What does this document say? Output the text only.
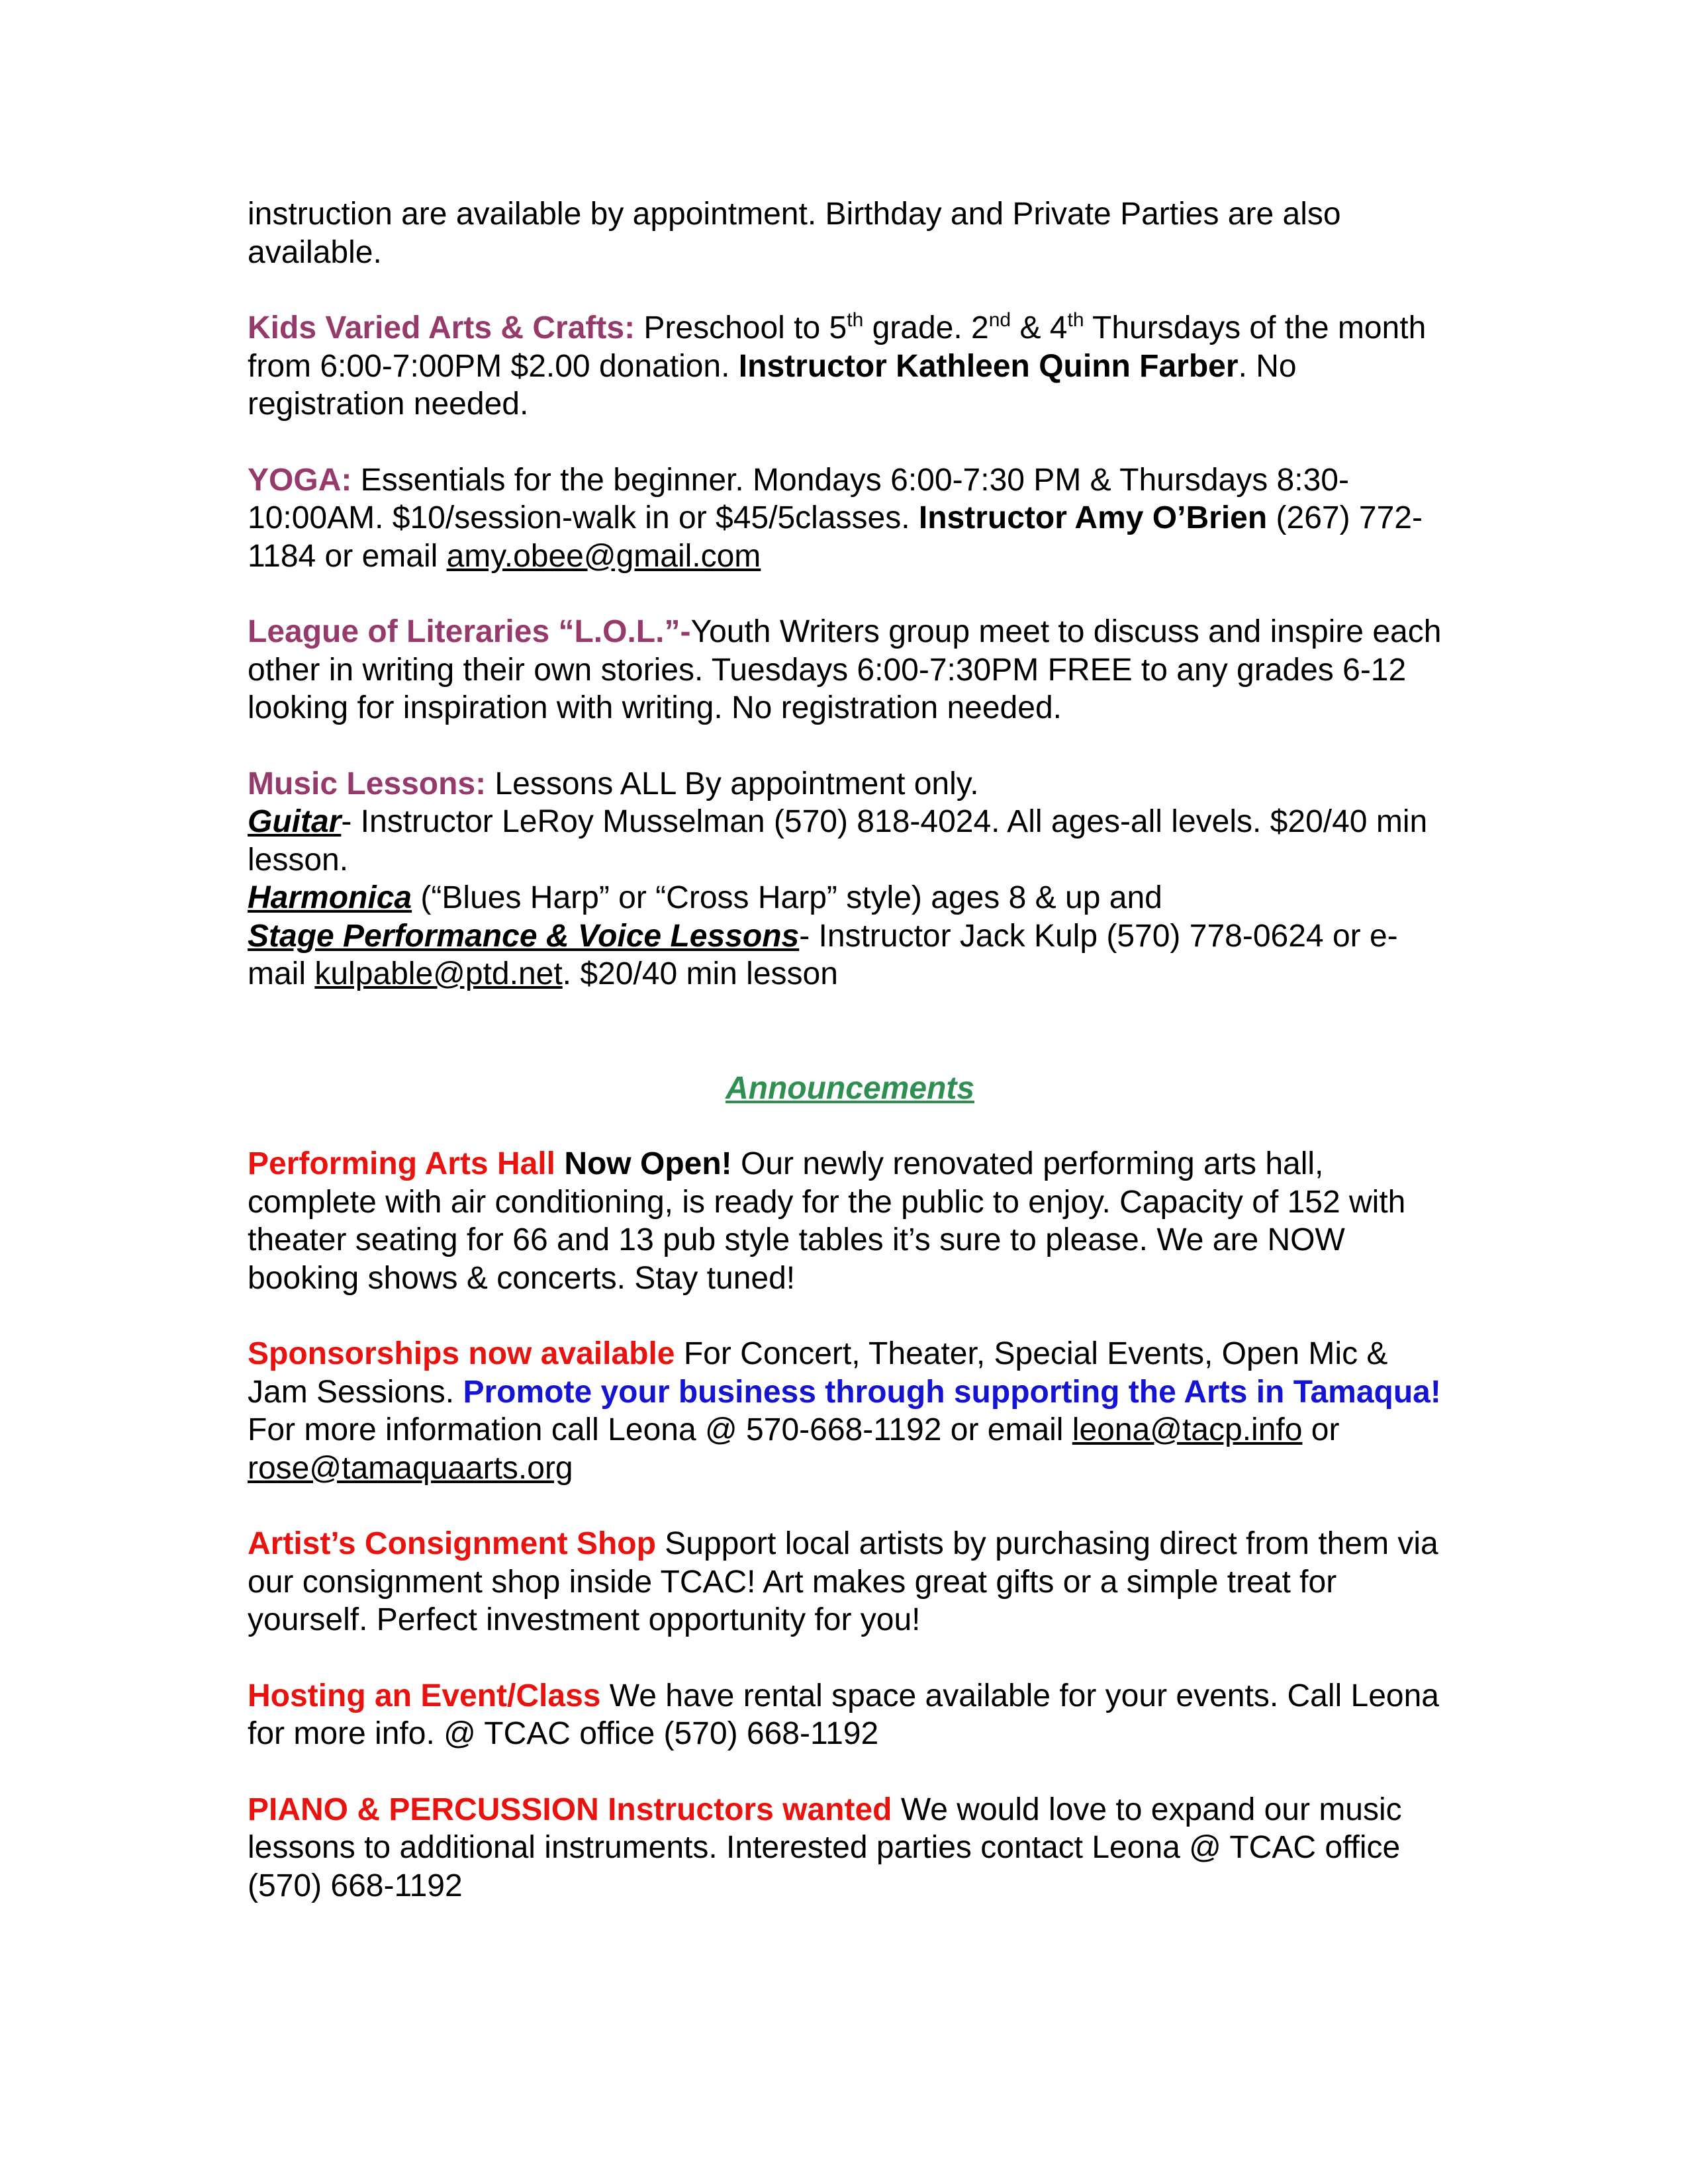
instruction are available by appointment. Birthday and Private Parties are also available.

Kids Varied Arts & Crafts: Preschool to 5th grade. 2nd & 4th Thursdays of the month from 6:00-7:00PM $2.00 donation. Instructor Kathleen Quinn Farber. No registration needed.

YOGA: Essentials for the beginner. Mondays 6:00-7:30 PM & Thursdays 8:30-10:00AM. $10/session-walk in or $45/5classes. Instructor Amy O’Brien (267) 772-1184 or email amy.obee@gmail.com

League of Literaries “L.O.L.”-Youth Writers group meet to discuss and inspire each other in writing their own stories. Tuesdays 6:00-7:30PM FREE to any grades 6-12 looking for inspiration with writing. No registration needed.

Music Lessons: Lessons ALL By appointment only.

Guitar- Instructor LeRoy Musselman (570) 818-4024. All ages-all levels. $20/40 min lesson.

Harmonica (“Blues Harp” or “Cross Harp” style) ages 8 & up and

Stage Performance & Voice Lessons- Instructor Jack Kulp (570) 778-0624 or e-mail kulpable@ptd.net. $20/40 min lesson

Announcements

Performing Arts Hall Now Open! Our newly renovated performing arts hall, complete with air conditioning, is ready for the public to enjoy. Capacity of 152 with theater seating for 66 and 13 pub style tables it’s sure to please. We are NOW booking shows & concerts. Stay tuned!

Sponsorships now available For Concert, Theater, Special Events, Open Mic & Jam Sessions. Promote your business through supporting the Arts in Tamaqua! For more information call Leona @ 570-668-1192 or email leona@tacp.info or rose@tamaquaarts.org

Artist’s Consignment Shop Support local artists by purchasing direct from them via our consignment shop inside TCAC! Art makes great gifts or a simple treat for yourself. Perfect investment opportunity for you!

Hosting an Event/Class We have rental space available for your events. Call Leona for more info. @ TCAC office (570) 668-1192

PIANO & PERCUSSION Instructors wanted We would love to expand our music lessons to additional instruments. Interested parties contact Leona @ TCAC office (570) 668-1192
